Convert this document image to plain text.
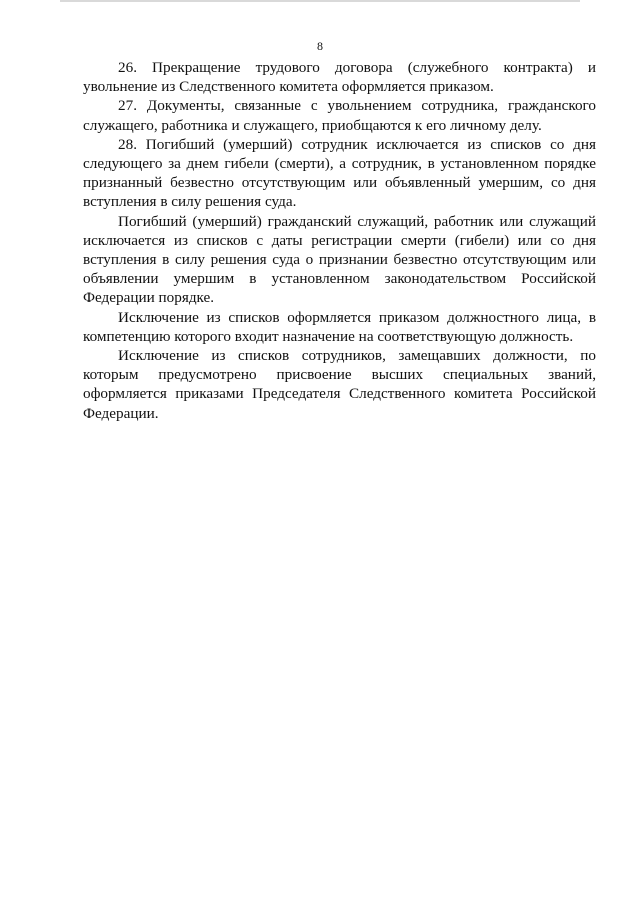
8

26. Прекращение трудового договора (служебного контракта) и увольнение из Следственного комитета оформляется приказом.

27. Документы, связанные с увольнением сотрудника, гражданского служащего, работника и служащего, приобщаются к его личному делу.

28. Погибший (умерший) сотрудник исключается из списков со дня следующего за днем гибели (смерти), а сотрудник, в установленном порядке признанный безвестно отсутствующим или объявленный умершим, со дня вступления в силу решения суда.

Погибший (умерший) гражданский служащий, работник или служащий исключается из списков с даты регистрации смерти (гибели) или со дня вступления в силу решения суда о признании безвестно отсутствующим или объявлении умершим в установленном законодательством Российской Федерации порядке.

Исключение из списков оформляется приказом должностного лица, в компетенцию которого входит назначение на соответствующую должность.

Исключение из списков сотрудников, замещавших должности, по которым предусмотрено присвоение высших специальных званий, оформляется приказами Председателя Следственного комитета Российской Федерации.
